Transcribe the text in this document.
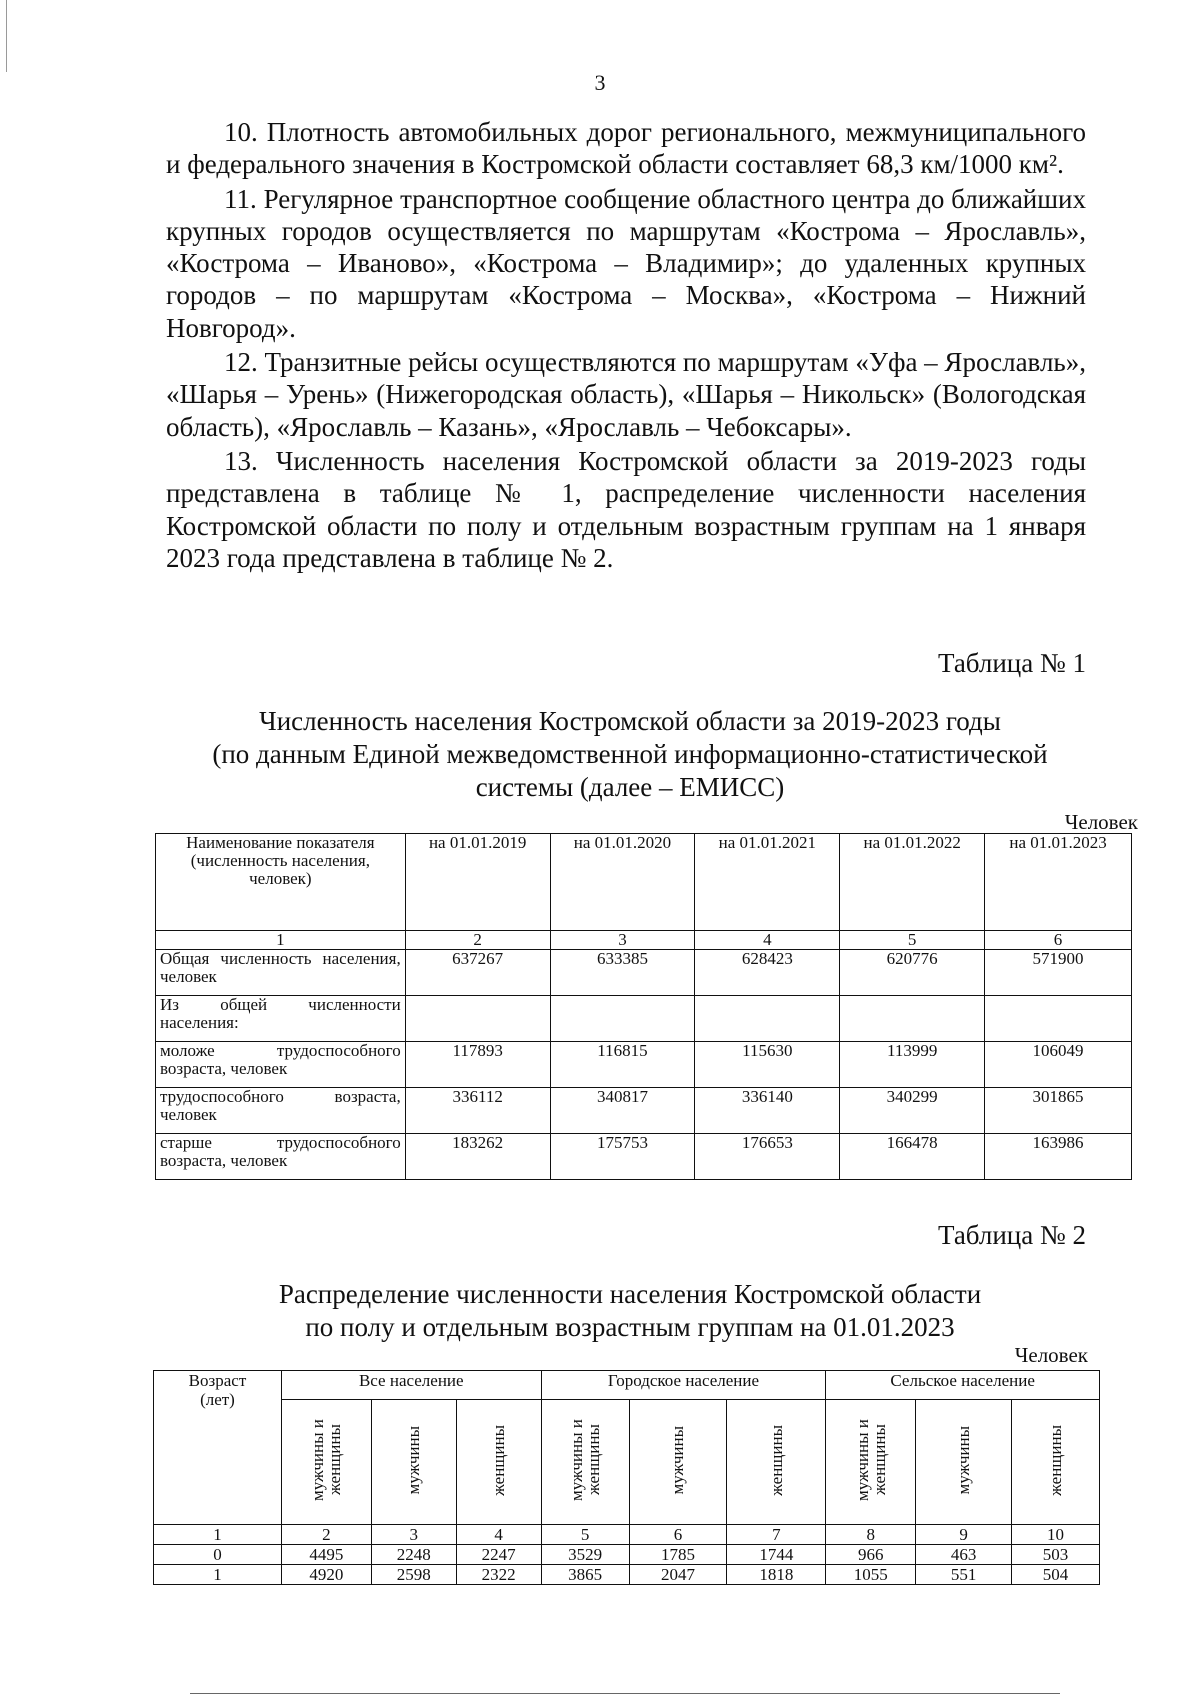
3

10. Плотность автомобильных дорог регионального, межмуниципального и федерального значения в Костромской области составляет 68,3 км/1000 км².

11. Регулярное транспортное сообщение областного центра до ближайших крупных городов осуществляется по маршрутам «Кострома – Ярославль», «Кострома – Иваново», «Кострома – Владимир»; до удаленных крупных городов – по маршрутам «Кострома – Москва», «Кострома – Нижний Новгород».

12. Транзитные рейсы осуществляются по маршрутам «Уфа – Ярославль», «Шарья – Урень» (Нижегородская область), «Шарья – Никольск» (Вологодская область), «Ярославль – Казань», «Ярославль – Чебоксары».

13. Численность населения Костромской области за 2019-2023 годы представлена в таблице № 1, распределение численности населения Костромской области по полу и отдельным возрастным группам на 1 января 2023 года представлена в таблице № 2.

Таблица № 1
Численность населения Костромской области за 2019-2023 годы
(по данным Единой межведомственной информационно-статистической
системы (далее – ЕМИСС)
Человек
Наименование показателя (численность населения, человек)	на 01.01.2019	на 01.01.2020	на 01.01.2021	на 01.01.2022	на 01.01.2023
1	2	3	4	5	6
Общая численность населения, человек	637267	633385	628423	620776	571900
Из общей численности населения:					
моложе трудоспособного возраста, человек	117893	116815	115630	113999	106049
трудоспособного возраста, человек	336112	340817	336140	340299	301865
старше трудоспособного возраста, человек	183262	175753	176653	166478	163986
Таблица № 2
Распределение численности населения Костромской области
по полу и отдельным возрастным группам на 01.01.2023
Человек
Возраст (лет)	Все население			Городское население			Сельское население		
	мужчины и женщины	мужчины	женщины	мужчины и женщины	мужчины	женщины	мужчины и женщины	мужчины	женщины
1	2	3	4	5	6	7	8	9	10
0	4495	2248	2247	3529	1785	1744	966	463	503
1	4920	2598	2322	3865	2047	1818	1055	551	504
